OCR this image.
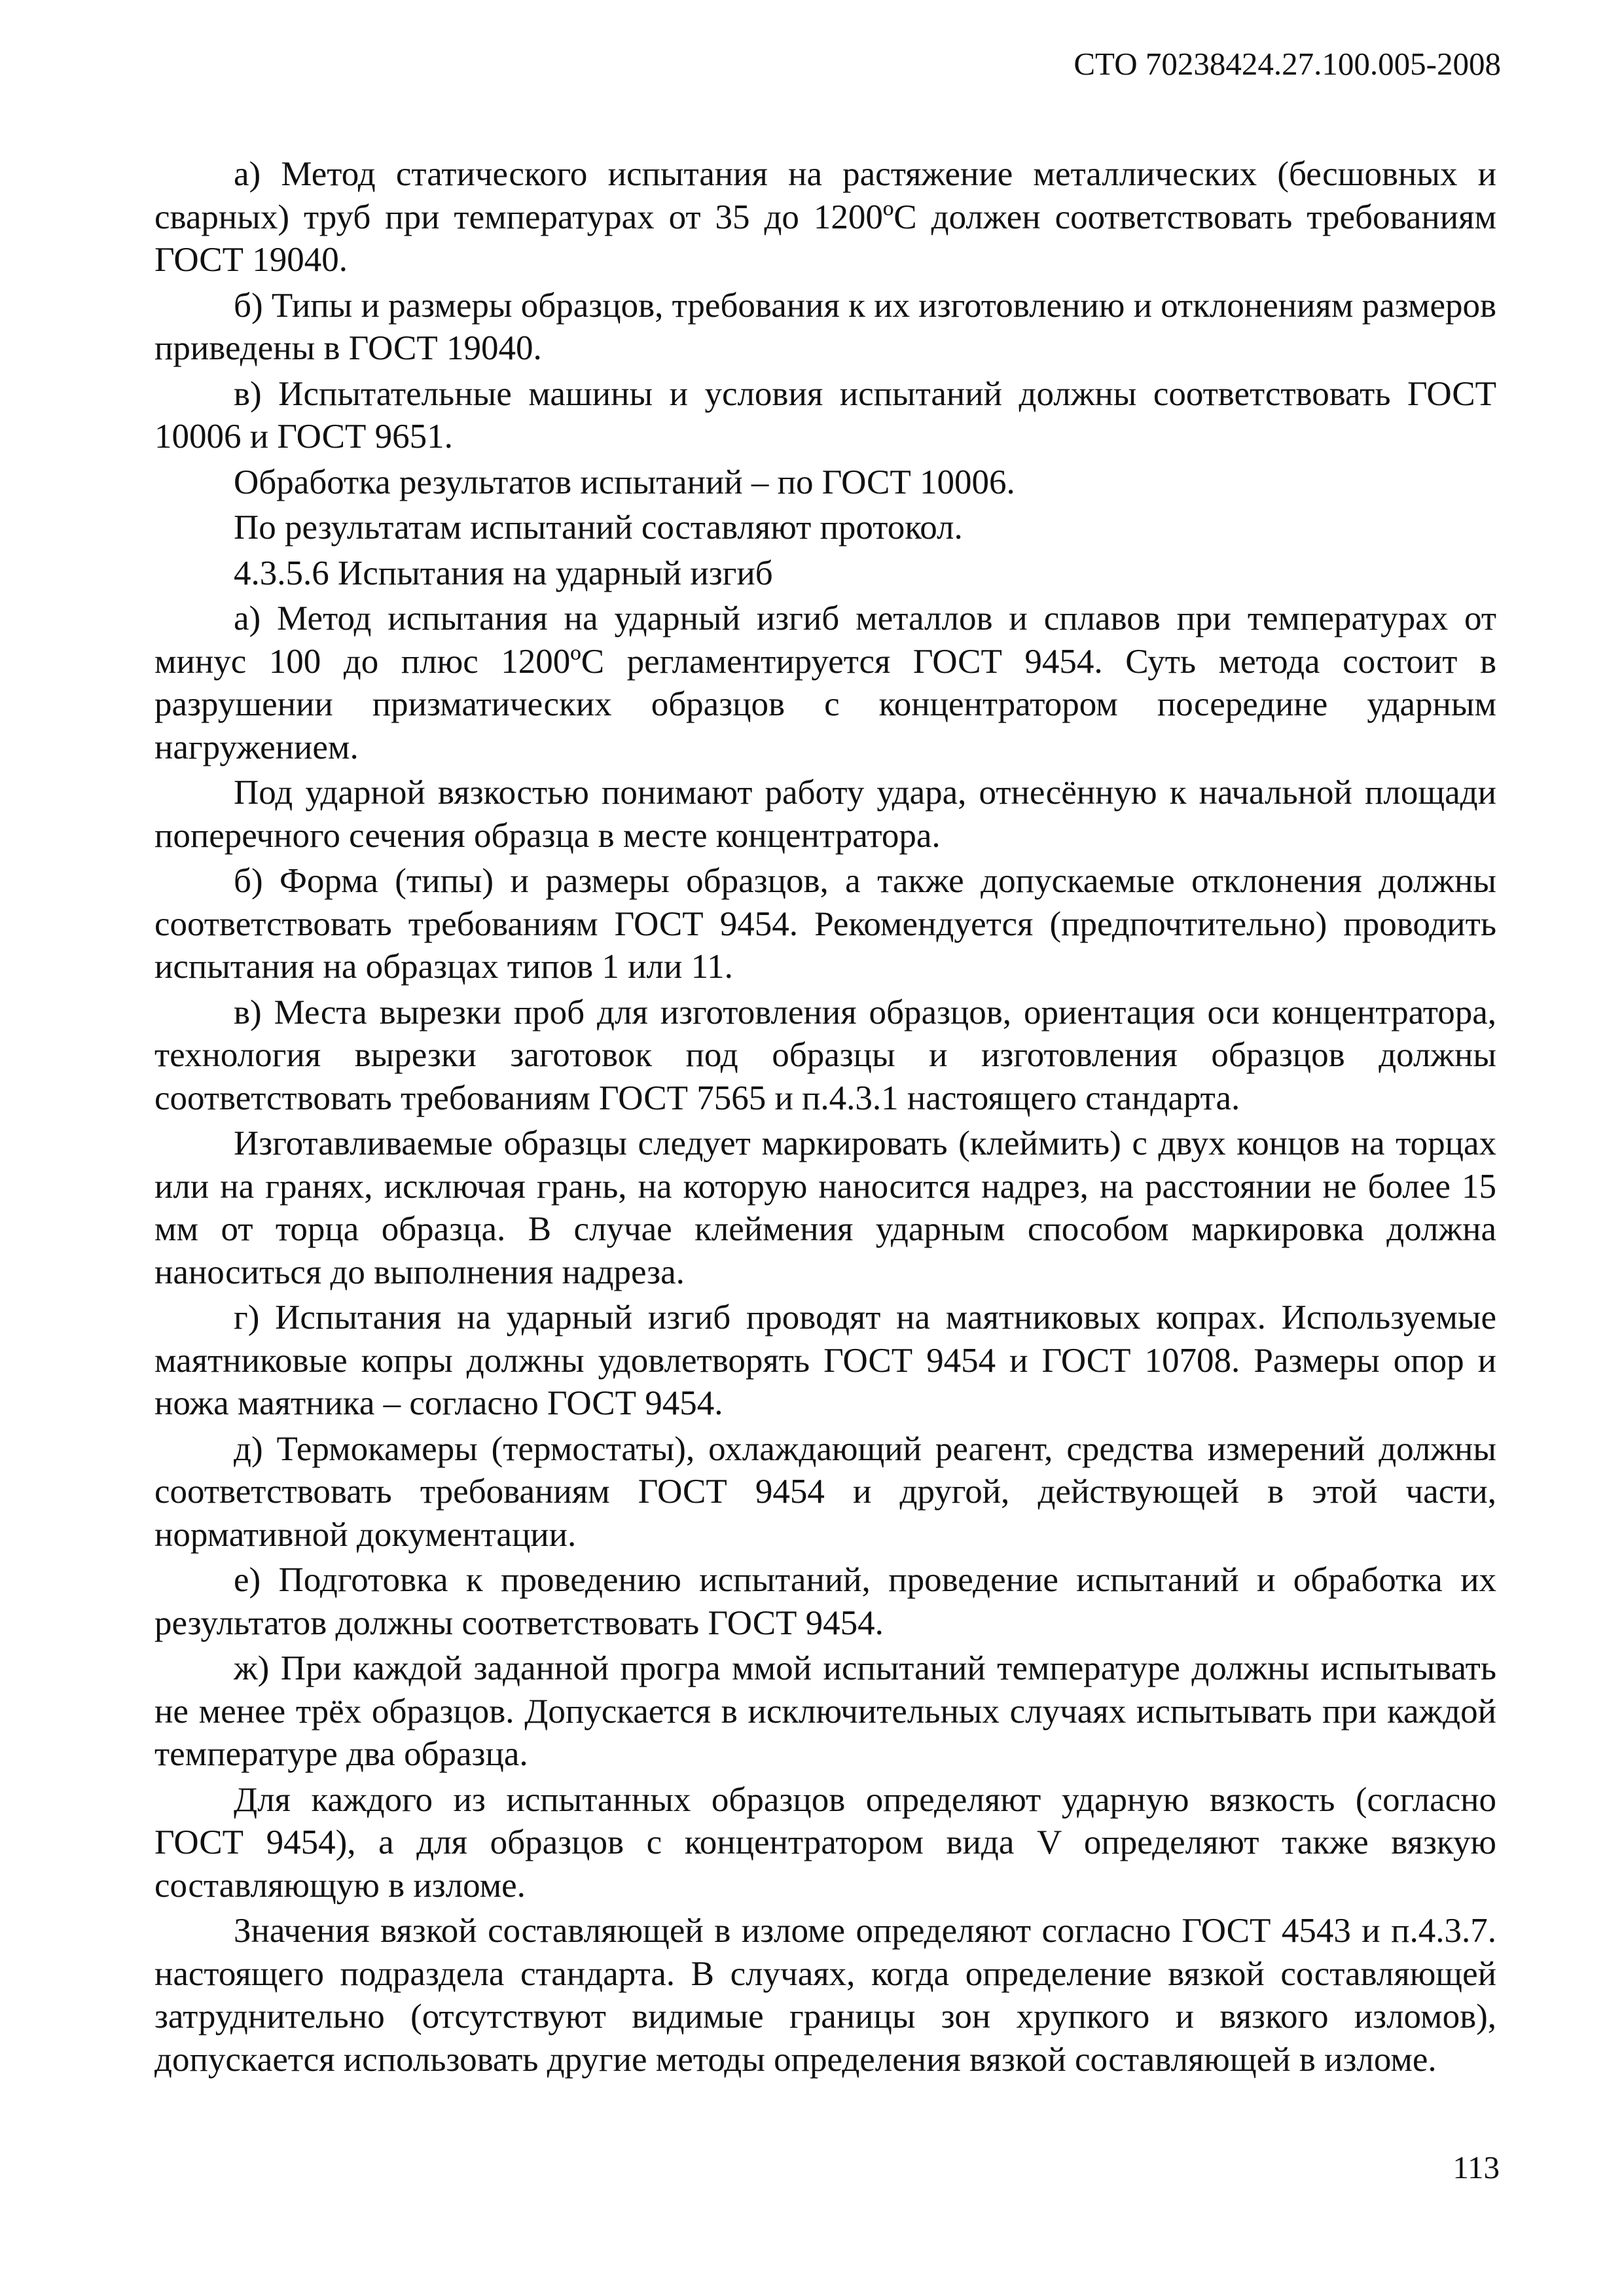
СТО 70238424.27.100.005-2008

а) Метод статического испытания на растяжение металлических (бесшовных и сварных) труб при температурах от 35 до 1200ºС должен соответствовать требованиям ГОСТ 19040.

б) Типы и размеры образцов, требования к их изготовлению и отклонениям размеров приведены в ГОСТ 19040.

в) Испытательные машины и условия испытаний должны соответствовать ГОСТ 10006 и ГОСТ 9651.

Обработка результатов испытаний – по ГОСТ 10006.

По результатам испытаний составляют протокол.

4.3.5.6 Испытания на ударный изгиб

а) Метод испытания на ударный изгиб металлов и сплавов при температурах от минус 100 до плюс 1200ºС регламентируется ГОСТ 9454. Суть метода состоит в разрушении призматических образцов с концентратором посередине ударным нагружением.

Под ударной вязкостью понимают работу удара, отнесённую к начальной площади поперечного сечения образца в месте концентратора.

б) Форма (типы) и размеры образцов, а также допускаемые отклонения должны соответствовать требованиям ГОСТ 9454. Рекомендуется (предпочтительно) проводить испытания на образцах типов 1 или 11.

в) Места вырезки проб для изготовления образцов, ориентация оси концентратора, технология вырезки заготовок под образцы и изготовления образцов должны соответствовать требованиям ГОСТ 7565 и п.4.3.1 настоящего стандарта.

Изготавливаемые образцы следует маркировать (клеймить) с двух концов на торцах или на гранях, исключая грань, на которую наносится надрез, на расстоянии не более 15 мм от торца образца. В случае клеймения ударным способом маркировка должна наноситься до выполнения надреза.

г) Испытания на ударный изгиб проводят на маятниковых копрах. Используемые маятниковые копры должны удовлетворять ГОСТ 9454 и ГОСТ 10708. Размеры опор и ножа маятника – согласно ГОСТ 9454.

д) Термокамеры (термостаты), охлаждающий реагент, средства измерений должны соответствовать требованиям ГОСТ 9454 и другой, действующей в этой части, нормативной документации.

е) Подготовка к проведению испытаний, проведение испытаний и обработка их результатов должны соответствовать ГОСТ 9454.

ж) При каждой заданной програ ммой испытаний температуре должны испытывать не менее трёх образцов. Допускается в исключительных случаях испытывать при каждой температуре два образца.

Для каждого из испытанных образцов определяют ударную вязкость (согласно ГОСТ 9454), а для образцов с концентратором вида V определяют также вязкую составляющую в изломе.

Значения вязкой составляющей в изломе определяют согласно ГОСТ 4543 и п.4.3.7. настоящего подраздела стандарта. В случаях, когда определение вязкой составляющей затруднительно (отсутствуют видимые границы зон хрупкого и вязкого изломов), допускается использовать другие методы определения вязкой составляющей в изломе.

113
